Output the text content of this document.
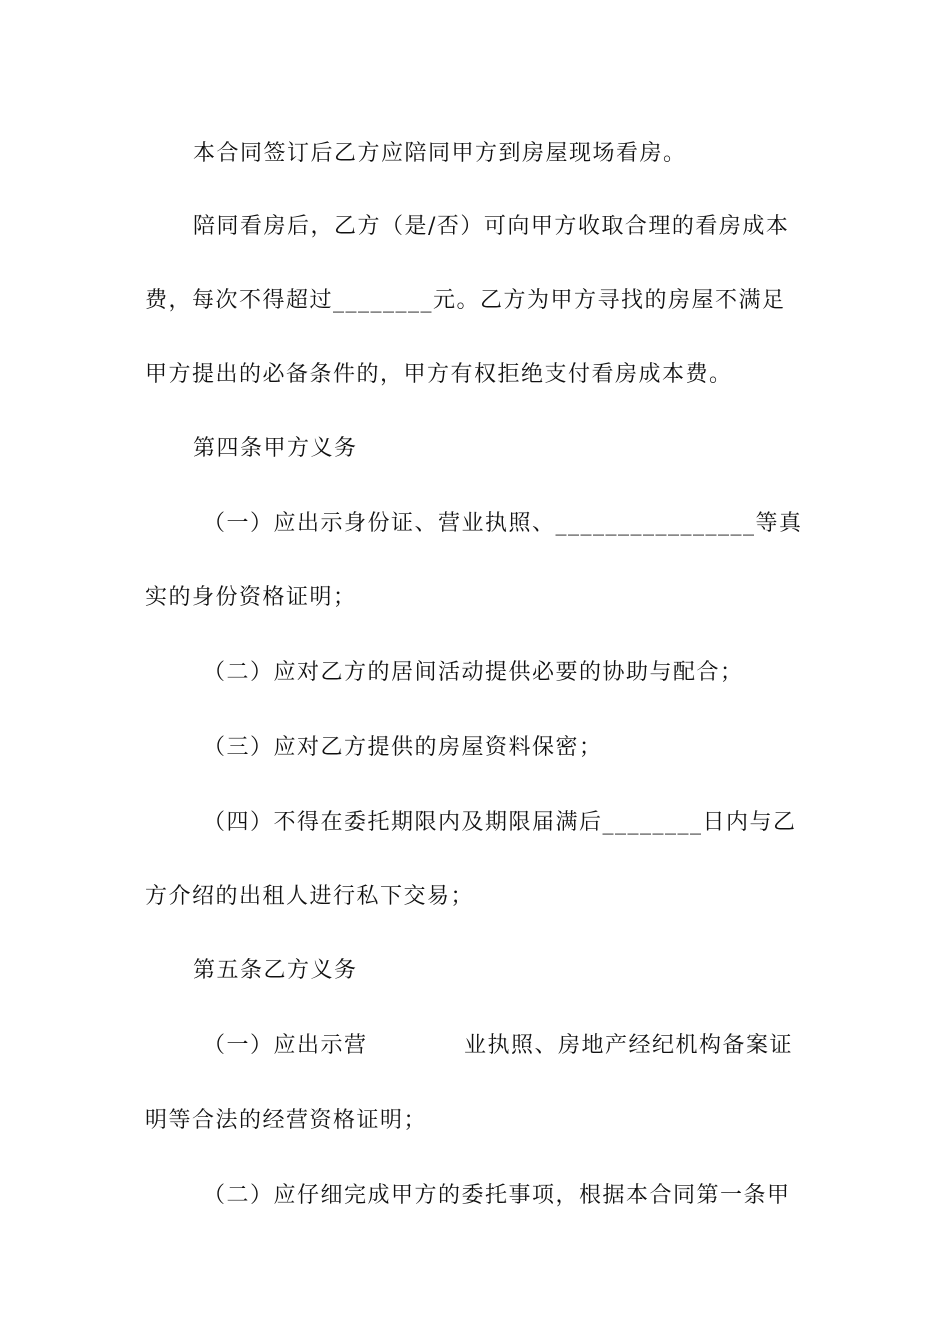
本合同签订后乙方应陪同甲方到房屋现场看房。
陪同看房后，乙方（是/否）可向甲方收取合理的看房成本
费，每次不得超过________元。乙方为甲方寻找的房屋不满足
甲方提出的必备条件的，甲方有权拒绝支付看房成本费。
第四条甲方义务
（一）应出示身份证、营业执照、________________等真
实的身份资格证明；
（二）应对乙方的居间活动提供必要的协助与配合；
（三）应对乙方提供的房屋资料保密；
（四）不得在委托期限内及期限届满后________日内与乙
方介绍的出租人进行私下交易；
第五条乙方义务
（一）应出示营	业执照、房地产经纪机构备案证
明等合法的经营资格证明；
（二）应仔细完成甲方的委托事项，根据本合同第一条甲
